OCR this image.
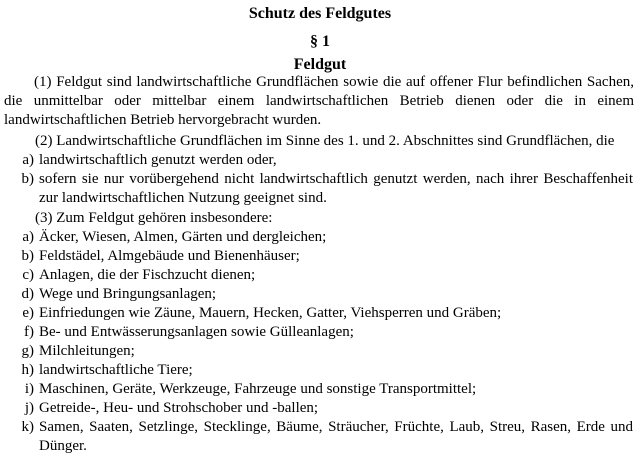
Schutz des Feldgutes
§ 1
Feldgut
(1) Feldgut sind landwirtschaftliche Grundflächen sowie die auf offener Flur befindlichen Sachen,
die unmittelbar oder mittelbar einem landwirtschaftlichen Betrieb dienen oder die in einem
landwirtschaftlichen Betrieb hervorgebracht wurden.
(2) Landwirtschaftliche Grundflächen im Sinne des 1. und 2. Abschnittes sind Grundflächen, die
a) landwirtschaftlich genutzt werden oder,
b) sofern sie nur vorübergehend nicht landwirtschaftlich genutzt werden, nach ihrer Beschaffenheit
zur landwirtschaftlichen Nutzung geeignet sind.
(3) Zum Feldgut gehören insbesondere:
a) Äcker, Wiesen, Almen, Gärten und dergleichen;
b) Feldstädel, Almgebäude und Bienenhäuser;
c) Anlagen, die der Fischzucht dienen;
d) Wege und Bringungsanlagen;
e) Einfriedungen wie Zäune, Mauern, Hecken, Gatter, Viehsperren und Gräben;
f) Be- und Entwässerungsanlagen sowie Gülleanlagen;
g) Milchleitungen;
h) landwirtschaftliche Tiere;
i) Maschinen, Geräte, Werkzeuge, Fahrzeuge und sonstige Transportmittel;
j) Getreide-, Heu- und Strohschober und -ballen;
k) Samen, Saaten, Setzlinge, Stecklinge, Bäume, Sträucher, Früchte, Laub, Streu, Rasen, Erde und
Dünger.
